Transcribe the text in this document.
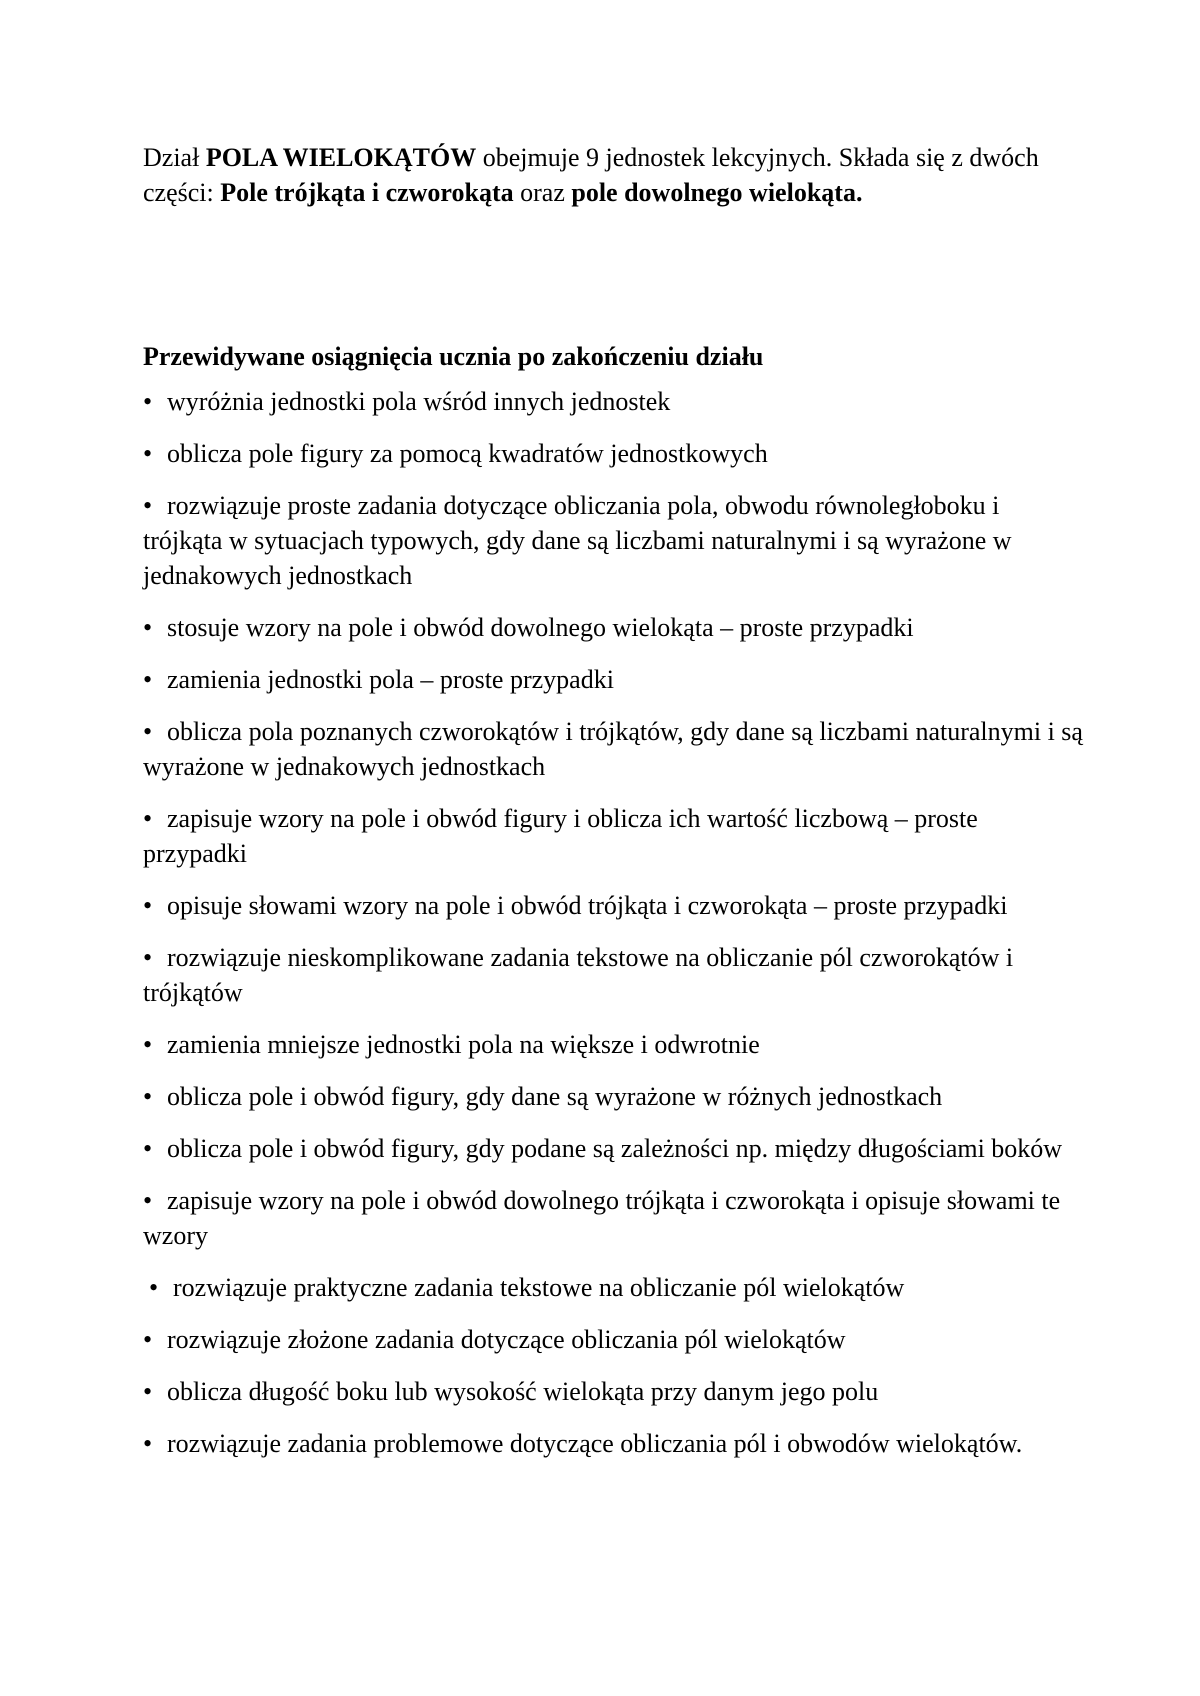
Dział POLA WIELOKĄTÓW obejmuje 9 jednostek lekcyjnych. Składa się z dwóch części: Pole trójkąta i czworokąta oraz pole dowolnego wielokąta.

Przewidywane osiągnięcia ucznia po zakończeniu działu

• wyróżnia jednostki pola wśród innych jednostek
• oblicza pole figury za pomocą kwadratów jednostkowych
• rozwiązuje proste zadania dotyczące obliczania pola, obwodu równoległoboku i trójkąta w sytuacjach typowych, gdy dane są liczbami naturalnymi i są wyrażone w jednakowych jednostkach
• stosuje wzory na pole i obwód dowolnego wielokąta – proste przypadki
• zamienia jednostki pola – proste przypadki
• oblicza pola poznanych czworokątów i trójkątów, gdy dane są liczbami naturalnymi i są wyrażone w jednakowych jednostkach
• zapisuje wzory na pole i obwód figury i oblicza ich wartość liczbową – proste przypadki
• opisuje słowami wzory na pole i obwód trójkąta i czworokąta – proste przypadki
• rozwiązuje nieskomplikowane zadania tekstowe na obliczanie pól czworokątów i trójkątów
• zamienia mniejsze jednostki pola na większe i odwrotnie
• oblicza pole i obwód figury, gdy dane są wyrażone w różnych jednostkach
• oblicza pole i obwód figury, gdy podane są zależności np. między długościami boków
• zapisuje wzory na pole i obwód dowolnego trójkąta i czworokąta i opisuje słowami te wzory
• rozwiązuje praktyczne zadania tekstowe na obliczanie pól wielokątów
• rozwiązuje złożone zadania dotyczące obliczania pól wielokątów
• oblicza długość boku lub wysokość wielokąta przy danym jego polu
• rozwiązuje zadania problemowe dotyczące obliczania pól i obwodów wielokątów.
